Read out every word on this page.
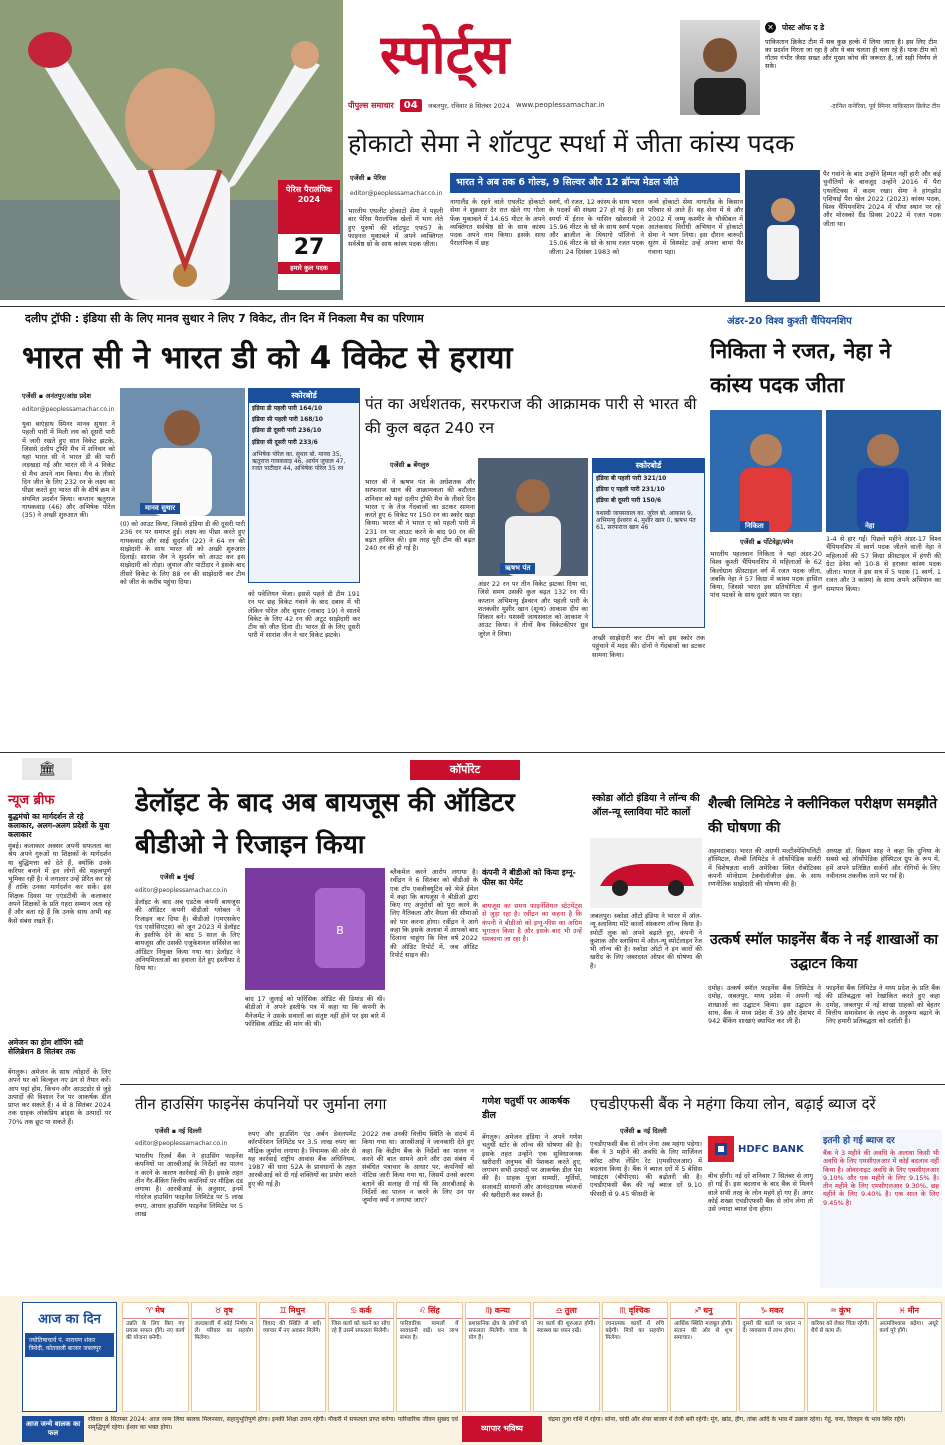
पेरिस पैरालंपिक 2024
27
हमारे कुल पदक
स्पोर्ट्स
पीपुल्स समाचार	04	जबलपुर, रविवार 8 सितंबर 2024 www.peoplessamachar.in
✕ पोस्ट ऑफ द डे
पाकिस्तान क्रिकेट टीम में सब कुछ हल्के में लिया जाता है। इस लिए टीम का प्रदर्शन गिरता जा रहा है और ये बस चलता ही चला रहे हैं। पाक टीम को गौतम गंभीर जैसा सख्त और मुख्य कोच की जरूरत है, जो सही निर्णय ले सके।
-दानिश कनेरिया, पूर्व स्पिनर पाकिस्तान क्रिकेट टीम
होकाटो सेमा ने शॉटपुट स्पर्धा में जीता कांस्य पदक
एजेंसी ▪ पेरिस
editor@peoplessamachar.co.in
भारत ने अब तक 6 गोल्ड, 9 सिल्वर और 12 ब्रॉन्ज मेडल जीते
भारतीय एथलीट होकाटो सेमा ने पहली बार पेरिस पैरालंपिक खेलों में भाग लेते हुए पुरुषों की शॉटपुट एफ57 के फाइनल मुकाबले में अपने व्यक्तिगत सर्वश्रेष्ठ थ्रो के साथ कांस्य पदक जीता।
नागालैंड के रहने वाले एथलीट होकाटो सेमा ने शुक्रवार देर रात खेले गए गोला फेंक मुकाबले में 14.65 मीटर के अपने व्यक्तिगत सर्वश्रेष्ठ थ्रो के साथ कांस्य पदक अपने नाम किया। इसके साथ पैरालंपिक में छह
स्वर्ण, नौ रजत, 12 कांस्य के साथ भारत के पदकों की संख्या 27 हो गई है। इस स्पर्धा में ईरान के यासिन खोसरावी ने 15.96 मीटर के थ्रो के साथ स्वर्ण पदक और ब्राजील के थियागो पॉलिनो ने 15.06 मीटर के थ्रो के साथ रजत पदक जीता। 24 दिसंबर 1983 को
जन्मे होकाटो सेमा नागालैंड के किसान परिवार से आते हैं। वह सेना में थे और 2002 में जम्मू कश्मीर के चौकीबल में आतंकवाद विरोधी अभियान में होकाटो सेमा ने भाग लिया। इस दौरान बारूदी सुरंग में विस्फोट उन्हें अपना बायां पैर गंवाना पड़ा।
पैर गवांने के बाद उन्होंने हिम्मत नहीं हारी और कई चुनौतियों के बावजूद उन्होंने 2016 में पैरा एथलेटिक्स में कदम रखा। सेमा ने हांगझोउ एशियाई पैरा खेल 2022 (2023) कांस्य पदक, विश्व चैंपियनशिप 2024 में चौथा स्थान पर रहे और मोरक्को ग्रैंड प्रिक्स 2022 में रजत पदक जीता था।
दलीप ट्रॉफी : इंडिया सी के लिए मानव सुथार ने लिए 7 विकेट, तीन दिन में निकला मैच का परिणाम
भारत सी ने भारत डी को 4 विकेट से हराया
एजेंसी ▪ अनंतपुर/आंध्र प्रदेश
editor@peoplessamachar.co.in
युवा बाएंहाथ स्पिनर मानव सुथार ने पहली पारी में मिली लय को दूसरी पारी में जारी रखते हुए सात विकेट झटके, जिससे दलीप ट्रॉफी मैच में शनिवार को यहां भारत सी ने भारत डी की पारी लड़खड़ा गई और भारत सी ने 4 विकेट से मैच अपने नाम किया। मैच के तीसरे दिन जीत के लिए 232 रन के लक्ष्य का पीछा करते हुए भारत सी के शीर्ष क्रम ने संयमित प्रदर्शन किया। कप्तान ऋतुराज गायकवाड़ (46) और अभिषेक पोरेल (35) ने अच्छी शुरुआत की।
मानव सुथार
स्कोरबोर्ड
इंडिया डी पहली पारी 164/10
इंडिया सी पहली पारी 168/10
इंडिया डी दूसरी पारी 236/10
इंडिया सी दूसरी पारी 233/6
अभिषेक पोरेल का. सुथार बो. मानव 35, ऋतुराज गायकवाड़ 46, आर्यन जुयाल 47, रजत पाटीदार 44, अभिषेक पोरेल 35 रन
(0) को आउट किया, जिससे इंडिया डी की दूसरी पारी 236 रन पर समाप्त हुई। लक्ष्य का पीछा करते हुए गायकवाड़ और साई सुदर्शन (22) ने 64 रन की साझेदारी के साथ भारत सी को अच्छी शुरुआत दिलाई। सारांश जैन ने सुदर्शन को आउट कर इस साझेदारी को तोड़ा। जुयाल और पाटीदार ने इसके बाद तीसरे विकेट के लिए 88 रन की साझेदारी कर टीम को जीत के करीब पहुंचा दिया।
को पवेलियन भेजा। इससे पहले डी टीम 191 रन पर छह विकेट गंवाने के बाद दबाव में थी लेकिन पोरेल और सुथार (नाबाद 19) ने सातवें विकेट के लिए 42 रन की अटूट साझेदारी कर टीम को जीत दिला दी। भारत डी के लिए दूसरी पारी में सारांश जैन ने चार विकेट झटके।
पंत का अर्धशतक, सरफराज की आक्रामक पारी से भारत बी की कुल बढ़त 240 रन
एजेंसी ▪ बेंगलुरु
भारत बी ने ऋषभ पंत के अर्धशतक और सरफराज खान की आक्रामकता की बदौलत शनिवार को यहां दलीप ट्रॉफी मैच के तीसरे दिन भारत ए के तेज गेंदबाजों का डटकर सामना करते हुए 6 विकेट पर 150 रन का स्कोर खड़ा किया। भारत बी ने भारत ए को पहली पारी में 231 रन पर आउट करने के बाद 90 रन की बढ़त हासिल की। इस तरह पूरी टीम की बढ़त 240 रन की हो गई है।
ऋषभ पंत
अंडर 22 रन पर तीन विकेट झटका दिया था, जिसे समय उसकी कुल बढ़त 132 रन थी। कप्तान अभिमन्यु ईश्वरन और पहली पारी के शतकवीर मुशीर खान (शून्य) आकाश दीप का शिकार बने। यशस्वी जायसवाल को आकाश ने आउट किया। ने तीनों कैच विकेटकीपर ध्रुव जुरेल ने लिया।
स्कोरबोर्ड
इंडिया बी पहली पारी 321/10
इंडिया ए पहली पारी 231/10
इंडिया बी दूसरी पारी 150/6
यशस्वी जायसवाल का. जुरेल बो. आकाश 9, अभिमन्यु ईश्वरन 4, मुशीर खान 0, ऋषभ पंत 61, सरफराज खान 46
अच्छी साझेदारी कर टीम को इस स्कोर तक पहुंचाने में मदद की। दोनों ने गेंदबाजों का डटकर सामना किया।
अंडर-20 विश्व कुश्ती चैंपियनशिप
निकिता ने रजत, नेहा ने कांस्य पदक जीता
निकिता	नेहा
एजेंसी ▪ पोंटेवेड्रा/स्पेन
भारतीय पहलवान निकिता ने यहां अंडर-20 विश्व कुश्ती चैंपियनशिप में महिलाओं के 62 किलोग्राम फ्रीस्टाइल वर्ग में रजत पदक जीता, जबकि नेहा ने 57 किग्रा में कांस्य पदक हासिल किया, जिससे भारत इस प्रतियोगिता में कुल पांच पदकों के साथ दूसरे स्थान पर रहा।
1-4 से हार गईं। पिछले महीने अंडर-17 विश्व चैंपियनशिप में स्वर्ण पदक जीतने वाली नेहा ने महिलाओं की 57 किग्रा फ्रीस्टाइल में हंगरी की ग्रेटा डेनेस को 10-8 से हराकर कांस्य पदक जीता। भारत ने इस सत्र में 5 पदक (1 स्वर्ण, 1 रजत और 3 कांस्य) के साथ अपने अभियान का समापन किया।
🏛	कॉर्पोरेट
न्यूज ब्रीफ
बुद्धमंचो का मार्गदर्शन ले रहे कलाकार, अलग-अलग प्रदेशों के युवा कलाकार
मुंबई। कलाकार अक्सर अपनी सफलता का श्रेय अपने गुरुओं या शिक्षकों के मार्गदर्शन या बुद्धिमत्ता को देते हैं, क्योंकि उनके करियर बनाने में इन लोगों की महत्वपूर्ण भूमिका रही है। वे लगातार उन्हें प्रेरित कर रहे हैं ताकि उनका मार्गदर्शन कर सकें। इस शिक्षक दिवस पर एएंडटीवी के कलाकार अपने शिक्षकों के प्रति गहरा सम्मान जता रहे हैं और बता रहे हैं कि उनके साथ अभी वह कैसे संबंध रखते हैं।
अमेजन का होम शॉपिंग स्प्री सेलिब्रेशन 8 सितंबर तक
बेंगलुरू। अमेजन के साथ त्योहारों के लिए अपने घर को बिल्कुल नए ढंग से तैयार करें। आप यहां होम, किचन और आउटडोर से जुड़े उत्पादों की विशाल रेंज पर आकर्षक डील प्राप्त कर सकते हैं। 4 से 8 सितंबर 2024 तक ग्राहक लोकप्रिय ब्रांड्स के उत्पादों पर 70% तक छूट पा सकते हैं।
डेलॉइट के बाद अब बायजूस की ऑडिटर बीडीओ ने रिजाइन किया
एजेंसी ▪ मुंबई
editor@peoplessamachar.co.in
डेलॉइट के बाद अब एडटेक कंपनी बायजूस की ऑडिटर कंपनी बीडीओ ग्लोबल ने रिजाइन कर दिया है। बीडीओ (एमएसकेए एंड एसोसिएट्स) को जून 2023 में डेलॉइट के इस्तीफे देने के बाद 5 साल के लिए बायजूस और उसकी एजुकेशनल सर्विसेज का ऑडिटर नियुक्त किया गया था। डेलॉइट ने अनियमितताओं का हवाला देते हुए इस्तीफा दे दिया था।
B
बाद 17 जुलाई को फॉरेंसिक ऑडिट की डिमांड की थी। बीडीओ ने अपने इस्तीफे पत्र में कहा था कि कंपनी के मैनेजमेंट ने उसके सवालों का संतुष्ट नहीं होने पर इस बारे में फॉरेंसिक ऑडिट की मांग की थी।
ब्लैकमेल करने आरोप लगाया है। रवींद्रन ने 6 सितंबर को बीडीओ के एक टॉप एक्जीक्यूटिव को भेजे ईमेल में कहा कि बायजूस ने बीडीओ द्वारा किए गए अनुरोधों को पूरा करने के लिए नैतिकता और वैधता की सीमाओं को पार करना होगा। रवींद्रन ने आगे कहा कि इसके अलावा में आपको बाद दिलाना चाहूंगा कि वित्त वर्ष 2022 की ऑडिट रिपोर्ट में, जब ऑडिट रिपोर्ट साइन की।
कंपनी ने बीडीओ को किया इग्नू-फीस का पेमेंट
बायजूस का समय फाइनेंशियल स्टेटमेंट्स से जुड़ा रहा है। रवींद्रन का कहना है कि कंपनी ने बीडीओ को इग्नू-फीस का अग्रिम भुगतान किया है और इसके बाद भी उन्हें धमकाया जा रहा है।
स्कोडा ऑटो इंडिया ने लॉन्च की ऑल-न्यू स्लाविया मोंटे कार्लो
जबलपुर। स्कोडा ऑटो इंडिया ने भारत में ऑल-न्यू स्लाविया मोंटे कार्लो संस्करण लॉन्च किया है। स्पोर्टी लुक को अपने बढ़ाते हुए, कंपनी ने कुशाक और स्लाविया में ऑल-न्यू स्पोर्टलाइन रेंज भी लॉन्च की है। स्कोडा ऑटो ने इन कारों की खरीद के लिए जबरदस्त ऑफर की घोषणा की है।
शैल्बी लिमिटेड ने क्लीनिकल परीक्षण समझौते की घोषणा की
अहमदाबाद। भारत की अग्रणी मल्टीस्पेशियलिटी हॉस्पिटल, शैल्बी लिमिटेड ने ऑर्थोपेडिक सर्जरी में विशेषज्ञता वाली अमेरिका स्थित रोबोटिक्स कंपनी मोनोग्राम टेक्नोलॉजीज इंक. के साथ रणनीतिक साझेदारी की घोषणा की है।
अध्यक्ष डॉ. विक्रम शाह ने कहा कि दुनिया के सबसे बड़े ऑर्थोपेडिक हॉस्पिटल ग्रुप के रूप में, हमें अपने प्रतिष्ठित सर्जनों और रोगियों के लिए नवीनतम तकनीक लाने पर गर्व है।
उत्कर्ष स्मॉल फाइनेंस बैंक ने नई शाखाओं का उद्घाटन किया
दमोह। उत्कर्ष स्मॉल फाइनेंस बैंक लिमिटेड ने दमोह, जबलपुर, मध्य प्रदेश में अपनी नई शाखाओं का उद्घाटन किया। इस उद्घाटन के साथ, बैंक ने मध्य प्रदेश में 39 और देशभर में 942 बैंकिंग शाखाएं स्थापित कर ली हैं।
फाइनेंस बैंक लिमिटेड ने मध्य प्रदेश के प्रति बैंक की प्रतिबद्धता को रेखांकित करते हुए कहा दमोह, जबलपुर में नई शाखा ग्राहकों को बेहतर वित्तीय समावेशन के लक्ष्य के अनुरूप बढ़ाने के लिए हमारी प्रतिबद्धता को दर्शाती है।
तीन हाउसिंग फाइनेंस कंपनियों पर जुर्माना लगा
एजेंसी ▪ नई दिल्ली
editor@peoplessamachar.co.in
भारतीय रिजर्व बैंक ने हाउसिंग फाइनेंस कंपनियों पर आरबीआई के निर्देशों का पालन न करने के कारण कार्रवाई की है। इसके तहत तीन गैर-बैंकिंग वित्तीय कंपनियों पर मौद्रिक दंड लगाया है। आरबीआई के अनुसार, इनमें गोदरेज हाउसिंग फाइनेंस लिमिटेड पर 5 लाख रुपए, आधार हाउसिंग फाइनेंस लिमिटेड पर 5 लाख
रुपए और हाउसिंग एंड अर्बन डेवलपमेंट कॉरपोरेशन लिमिटेड पर 3.5 लाख रुपए का मौद्रिक जुर्माना लगाया है। नियामक की ओर से यह कार्रवाई राष्ट्रीय आवास बैंक अधिनियम, 1987 की धारा 52A के प्रावधानों के तहत आरबीआई को दी गई शक्तियों का प्रयोग करते हुए की गई है।
2022 तक उनकी वित्तीय स्थिति के संदर्भ में किया गया था। आरबीआई ने जानकारी देते हुए कहा कि केंद्रीय बैंक के निर्देशों का पालन न करने की बात सामने आने और उस संबंध में संबंधित पत्राचार के आधार पर, कंपनियों को नोटिस जारी किया गया था, जिसमें उनसे कारण बताने की सलाह दी गई थी कि आरबीआई के निर्देशों का पालन न करने के लिए उन पर जुर्माना क्यों न लगाया जाए?
गणेश चतुर्थी पर आकर्षक डील
बेंगलुरु। अमेजन इंडिया ने अपने गणेश चतुर्थी स्टोर के लॉन्च की घोषणा की है। इसके तहत उन्होंने एक सुविधाजनक खरीदारी अनुभव की पेशकश करते हुए, लगभग सभी उत्पादों पर आकर्षक डील पेश की है। ग्राहक पूजा सामग्री, मूर्तियों, सजावटी सामानों और आनंददायक व्यंजनों की खरीदारी कर सकते हैं।
एचडीएफसी बैंक ने महंगा किया लोन, बढ़ाई ब्याज दरें
एजेंसी ▪ नई दिल्ली
एचडीएफसी बैंक से लोन लेना अब महंगा पड़ेगा। बैंक ने 3 महीने की अवधि के लिए मार्जिनल कॉस्ट ऑफ लेंडिंग रेट (एमसीएलआर) में बदलाव किया है। बैंक ने ब्याज दरों में 5 बेसिस प्वाइंट्स (बीपीएस) की बढ़ोतरी की है। एचडीएफसी बैंक की नई ब्याज दरें 9.10 फीसदी से 9.45 फीसदी के
HDFC BANK
बीच होंगी। नई दरें शनिवार 7 सितंबर से लागू हो गई हैं। इस बदलाव के बाद बैंक से मिलने वाले सभी तरह के लोन महंगे हो गए हैं। अगर कोई शख्स एचडीएफसी बैंक से लोन लेगा तो उसे ज्यादा ब्याज देना होगा।
इतनी हो गई ब्याज दर
बैंक ने 3 महीने की अवधि के अलावा किसी भी अवधि के लिए एमसीएलआर में कोई बदलाव नहीं किया है। ओवरनाइट अवधि के लिए एमसीएलआर 9.10% और एक महीने के लिए 9.15% है। तीन महीने के लिए एमसीएलआर 9.30%, छह महीने के लिए 9.40% है। एक साल के लिए 9.45% है।
आज का दिन
ज्योतिषाचार्य पं. नारायण शंकर त्रिवेदी, कोतवाली बाजार जबलपुर
♈ मेष
उन्नति के लिए किए गए प्रयास सफल होंगे। नए कार्य की योजना बनेगी।
♉ वृष
जल्दबाजी में कोई निर्णय न लें। परिवार का सहयोग मिलेगा।
♊ मिथुन
विवाद की स्थिति से बचें। व्यापार में नए अवसर मिलेंगे।
♋ कर्क
जिस कार्य को करने का सोच रहे हैं उसमें सफलता मिलेगी।
♌ सिंह
पारिवारिक मामलों में सावधानी रखें। धन लाभ संभव है।
♍ कन्या
प्रशासनिक क्षेत्र के लोगों को सफलता मिलेगी। यात्रा के योग हैं।
♎ तुला
नए कार्य की शुरुआत होगी। स्वास्थ्य का ध्यान रखें।
♏ वृश्चिक
रचनात्मक कार्यों में रुचि बढ़ेगी। मित्रों का सहयोग मिलेगा।
♐ धनु
आर्थिक स्थिति मजबूत होगी। संतान की ओर से शुभ समाचार।
♑ मकर
दूसरों की बातों पर ध्यान न दें। व्यवसाय में लाभ होगा।
♒ कुंभ
करियर को लेकर चिंता रहेगी। धैर्य से काम लें।
♓ मीन
आत्मविश्वास बढ़ेगा। अधूरे कार्य पूरे होंगे।
आज जन्मे बालक का फल
रविवार 8 सितम्बर 2024: आज जन्म लिया बालक मिलनसार, सहानुभूतिपूर्ण होगा। इनकी शिक्षा उत्तम रहेगी। नौकरी में सफलता प्राप्त करेगा। पारिवारिक जीवन सुखद एवं समृद्धिपूर्ण रहेगा। ईश्वर का भक्त होगा।	व्यापार भविष्य
चंद्रमा तुला राशि में रहेगा। सोना, चांदी और शेयर बाजार में तेजी बनी रहेगी। मूंग, खांड, हींग, तांबा आदि के भाव में उछाल रहेगा। गेहूं, चना, तिलहन के भाव स्थिर रहेंगे।
